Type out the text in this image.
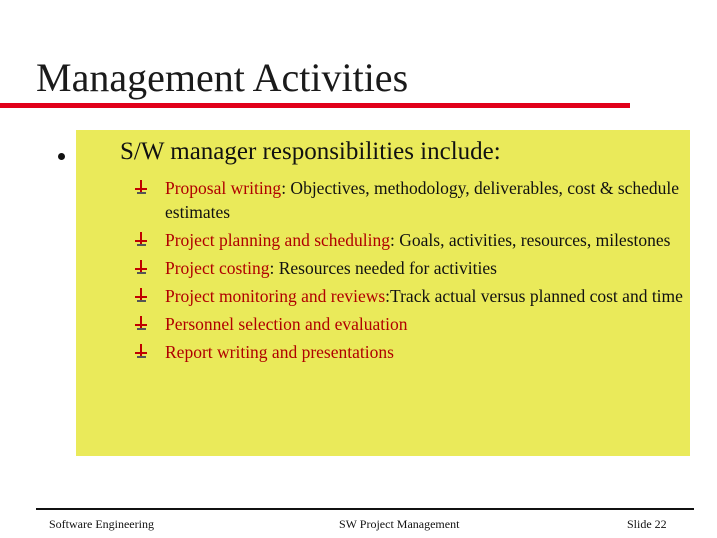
Management Activities
S/W manager responsibilities include:
Proposal writing: Objectives, methodology, deliverables, cost & schedule estimates
Project planning and scheduling: Goals, activities, resources, milestones
Project costing: Resources needed for activities
Project monitoring and reviews:Track actual versus planned cost and time
Personnel selection and evaluation
Report writing and presentations
Software Engineering	SW Project Management	Slide 22
